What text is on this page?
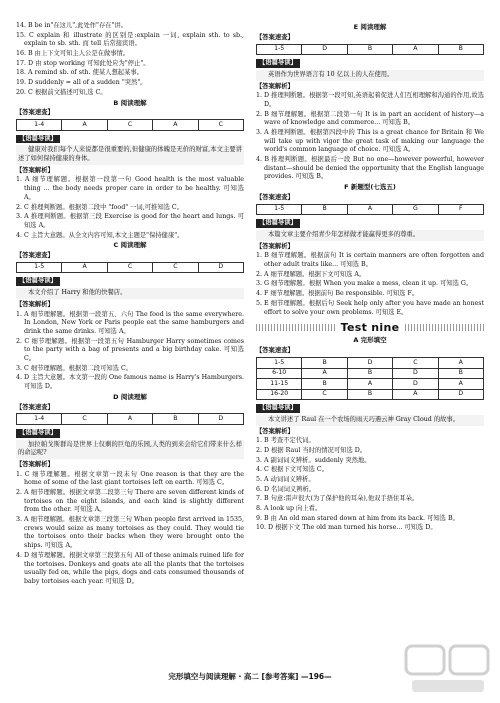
14. B be in"在这儿",此处作"存在"讲。
15. C explain 和 illustrate 的区别是:explain 一词, explain sth. to sb., explain to sb. sth. 而 tell 后常接宾语。
16. B 由上下文可知主人公是在做事情。
17. D 由 stop working 可知此处应为"停止"。
18. A remind sb. of sth. 使某人想起某事。
19. D suddenly = all of a sudden "突然"。
20. C 根据前文描述可知,选 C。
B 阅读理解
【答案速查】
1-4	A	C	A	C
【语篇导读】
健康对我们每个人来说都是很重要的,但健康的体魄是无价的财富,本文主要讲述了如何保持健康的身体。
【答案解析】
1. A 细节理解题。根据第一段第一句 Good health is the most valuable thing ... the body needs proper care in order to be healthy. 可知选 A。
2. C 推理判断题。根据第二段中 "food" 一词,可推知选 C。
3. A 推理判断题。根据第三段 Exercise is good for the heart and lungs. 可知选 A。
4. C 主旨大意题。从全文内容可知,本文主题是"保持健康"。
C 阅读理解
【答案速查】
1-5	A	C	C	D
【语篇导读】
本文介绍了 Harry 和他的快餐店。
【答案解析】
1. A 细节理解题。根据第一段第五、六句 The food is the same everywhere. In London, New York or Paris people eat the same hamburgers and drink the same drinks. 可知选 A。
2. C 细节理解题。根据第一段第五句 Hamburger Harry sometimes comes to the party with a bag of presents and a big birthday cake. 可知选 C。
3. C 细节理解题。根据第二段可知选 C。
4. D 主旨大意题。本文第一段的 One famous name is Harry's Hamburgers. 可知选 D。
D 阅读理解
【答案速查】
1-4	C	A	B	D
【语篇导读】
加拉帕戈斯群岛是世界上仅剩的巨龟的乐园,人类的到来会给它们带来什么样的命运呢?
【答案解析】
1. C 细节理解题。根据文章第一段末句 One reason is that they are the home of some of the last giant tortoises left on earth. 可知选 C。
2. A 细节理解题。根据文章第二段第三句 There are seven different kinds of tortoises on the eight islands, and each kind is slightly different from the other. 可知选 A。
3. A 细节理解题。根据文章第三段第三句 When people first arrived in 1535, crews would seize as many tortoises as they could. They would tie the tortoises onto their backs when they were brought onto the ships. 可知选 A。
4. D 细节理解题。根据文章第三段第五句 All of these animals ruined life for the tortoises. Donkeys and goats ate all the plants that the tortoises usually fed on, while the pigs, dogs and cats consumed thousands of baby tortoises each year. 可知选 D。
E 阅读理解
【答案速查】
1-5	D	B	A	B
【语篇导读】
英语作为世界语言有 10 亿以上的人在使用。
【答案解析】
1. D 推理判断题。根据第一段可知,英语起着促进人们互相理解和沟通的作用,故选 D。
2. B 细节理解题。根据第二段第一句 It is in part an accident of history—a wave of knowledge and commerce... 可知选 B。
3. A 推理判断题。根据第四段中的 This is a great chance for Britain 和 We will take up with vigor the great task of making our language the world's common language of choice. 可知选 A。
4. B 推理判断题。根据最后一段 But no one—however powerful, however distant—should be denied the opportunity that the English language provides. 可知选 B。
F 新题型(七选五)
【答案速查】
1-5	B	A	G	F
【语篇导读】
本篇文章主要介绍青少年怎样做才能赢得更多的尊重。
【答案解析】
1. B 细节理解题。根据前句 It is certain manners are often forgotten and other adult traits like... 可知选 B。
2. A 细节理解题。根据下文可知选 A。
3. G 细节理解题。根据 When you make a mess, clean it up. 可知选 G。
4. F 细节理解题。根据前句 Be responsible. 可知选 F。
5. E 细节理解题。根据后句 Seek help only after you have made an honest effort to solve your own problems. 可知选 E。
Test nine
A 完形填空
【答案速查】
1-5	B	D	C	A
6-10	A	B	D	B
11-15	B	A	D	A
16-20	C	B	A	D
【语篇导读】
本文讲述了 Raul 在一个农场的雨天巧遇云神 Gray Cloud 的故事。
【答案解析】
1. B 考查不定代词。
2. D 根据 Raul 当时的情况可知选 D。
3. A 副词词义辨析。suddenly 突然地。
4. C 根据下文可知选 C。
5. A 动词词义辨析。
6. D 名词词义辨析。
7. B 句意:雷声很大(为了保护他的耳朵),他双手捂住耳朵。
8. A look up 向上看。
9. B 由 An old man stared down at him from its back. 可知选 B。
10. D 根据下文 The old man turned his horse... 可知选 D。
完形填空与阅读理解 · 高二 [参考答案] —196—
